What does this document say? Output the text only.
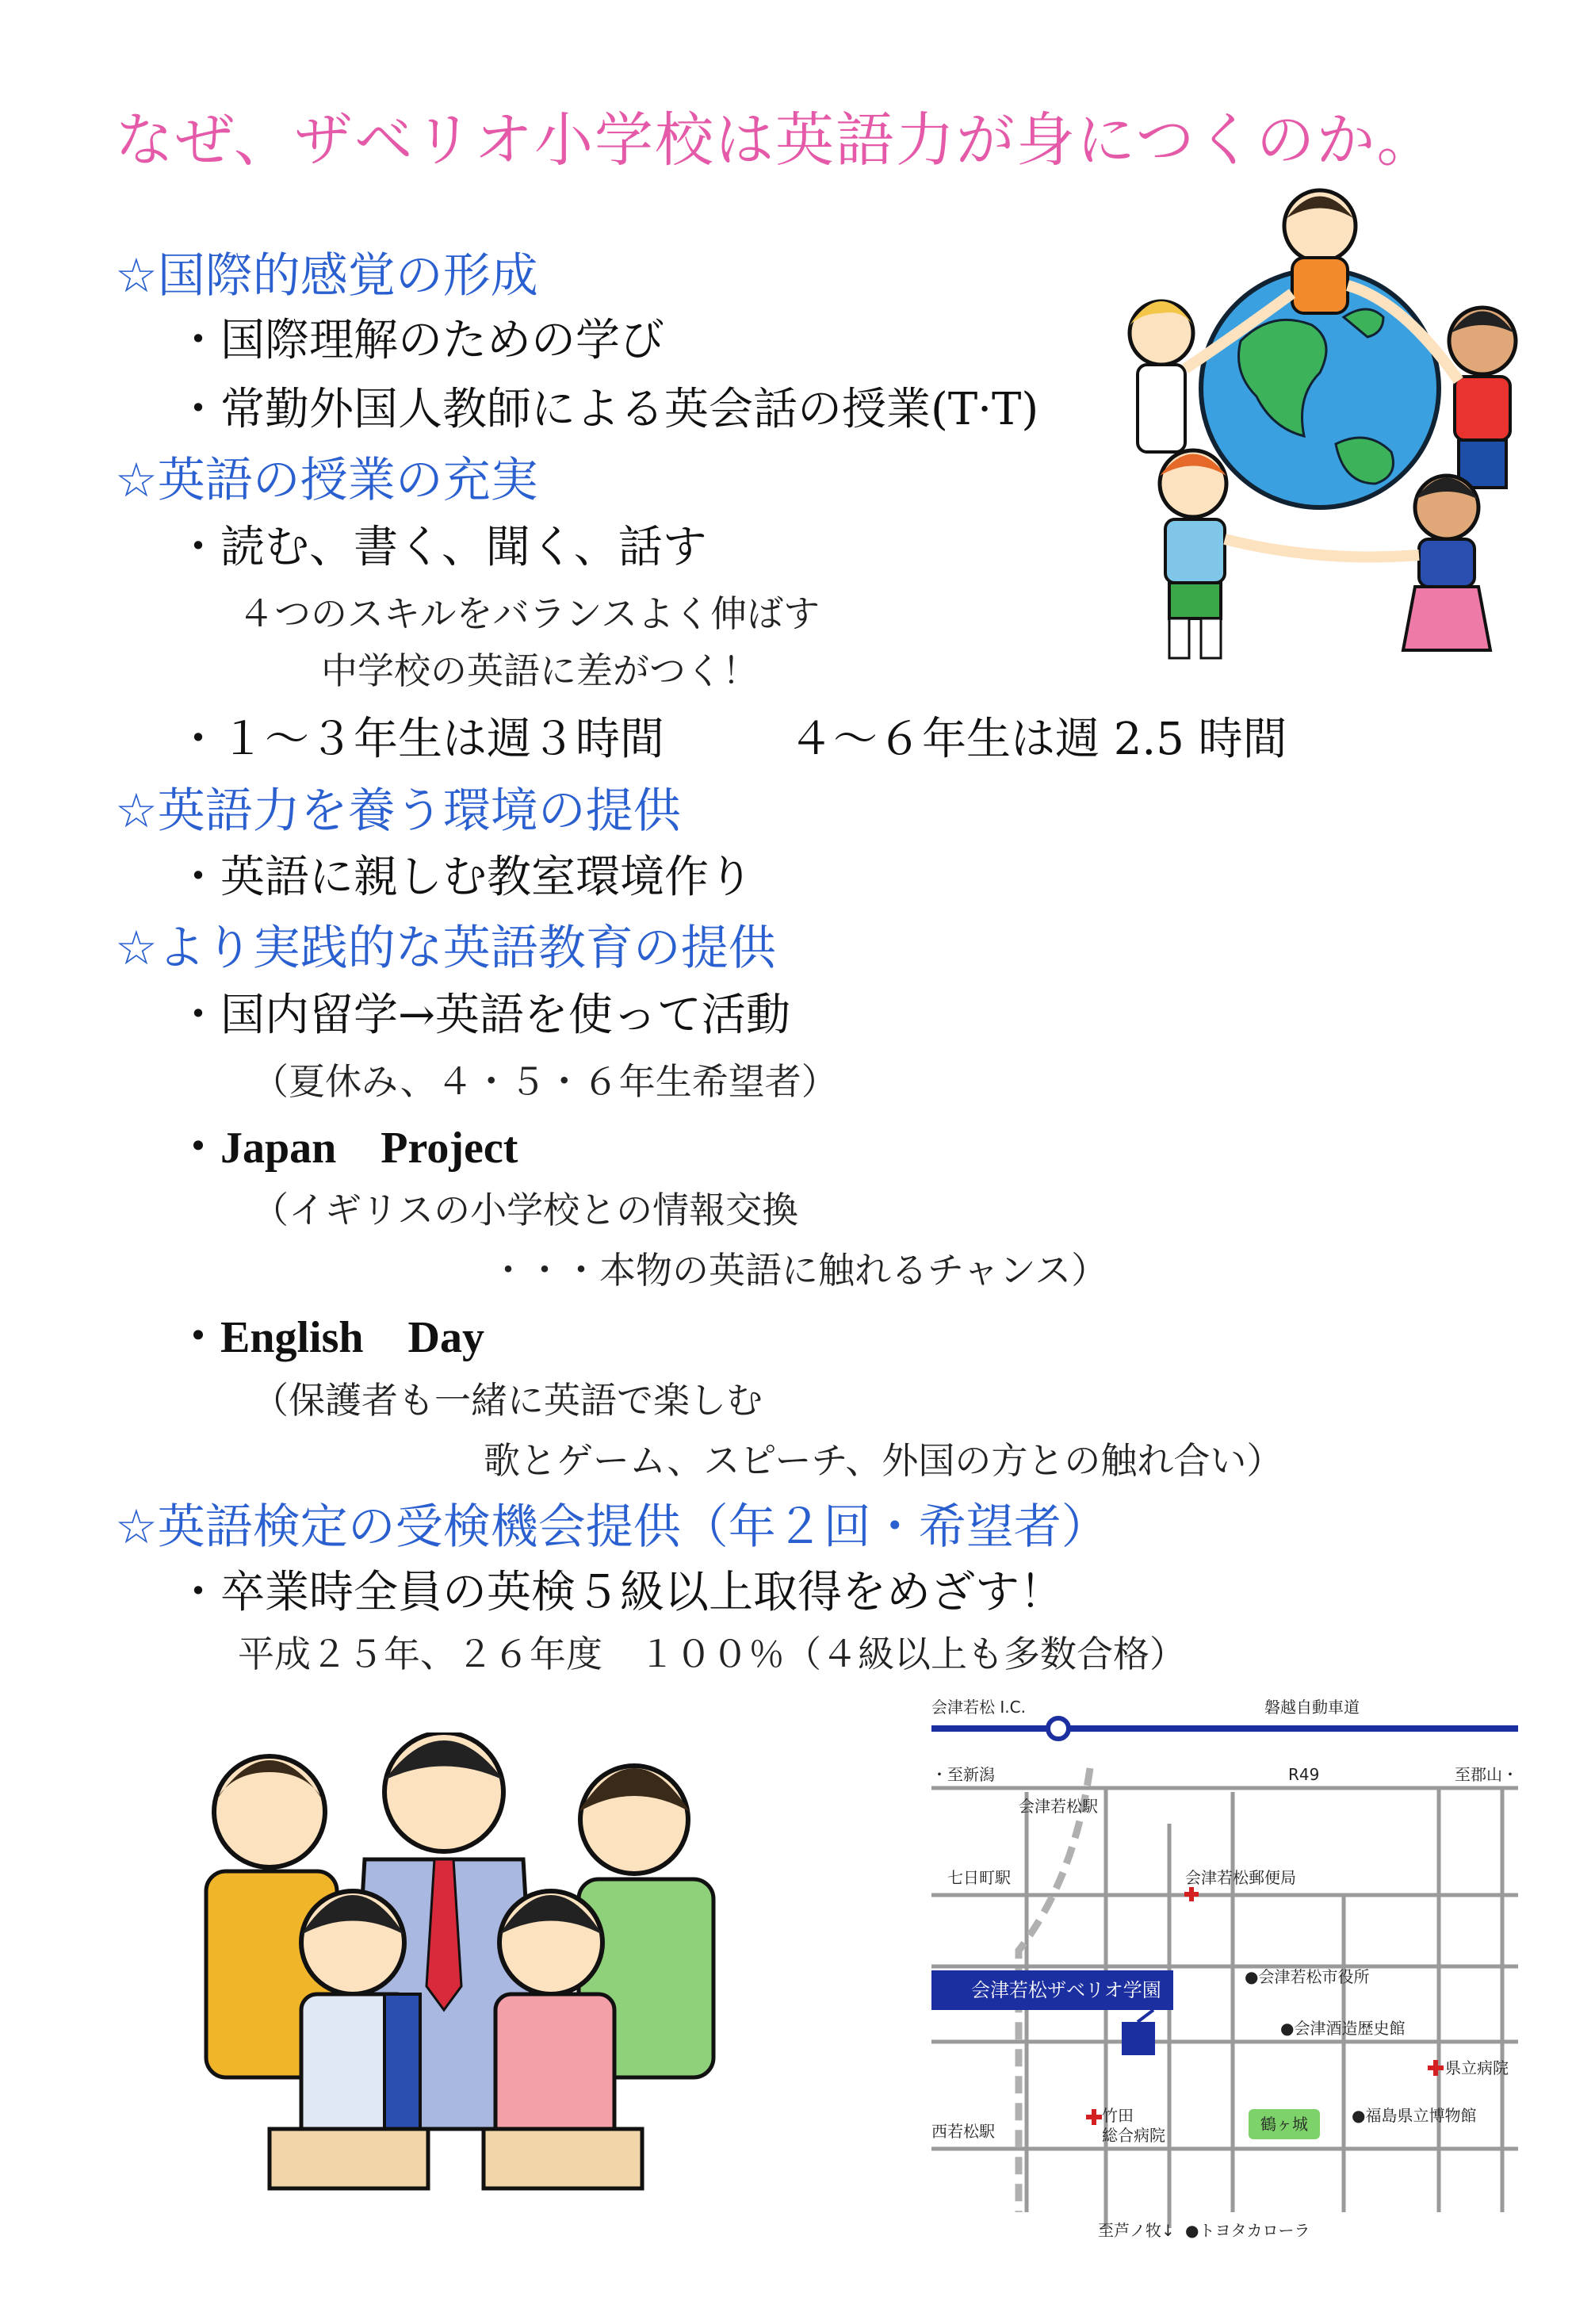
なぜ、ザベリオ小学校は英語力が身につくのか。
☆国際的感覚の形成
・国際理解のための学び
・常勤外国人教師による英会話の授業(T·T)
☆英語の授業の充実
・読む、書く、聞く、話す
４つのスキルをバランスよく伸ばす
中学校の英語に差がつく！
・１～３年生は週３時間	４～６年生は週 2.5 時間
☆英語力を養う環境の提供
・英語に親しむ教室環境作り
☆より実践的な英語教育の提供
・国内留学→英語を使って活動
（夏休み、４・５・６年生希望者）
・Japan　Project
（イギリスの小学校との情報交換
・・・本物の英語に触れるチャンス）
・English　Day
（保護者も一緒に英語で楽しむ
歌とゲーム、スピーチ、外国の方との触れ合い）
☆英語検定の受検機会提供（年２回・希望者）
・卒業時全員の英検５級以上取得をめざす！
平成２５年、２６年度　１００％（４級以上も多数合格）
会津若松 I.C.	磐越自動車道
・至新潟	R49	至郡山・
会津若松駅
七日町駅	会津若松郵便局
会津若松ザベリオ学園
●会津若松市役所
●会津酒造歴史館
県立病院
竹田
総合病院
鶴ヶ城	●福島県立博物館
西若松駅
至芦ノ牧↓ ●トヨタカローラ
